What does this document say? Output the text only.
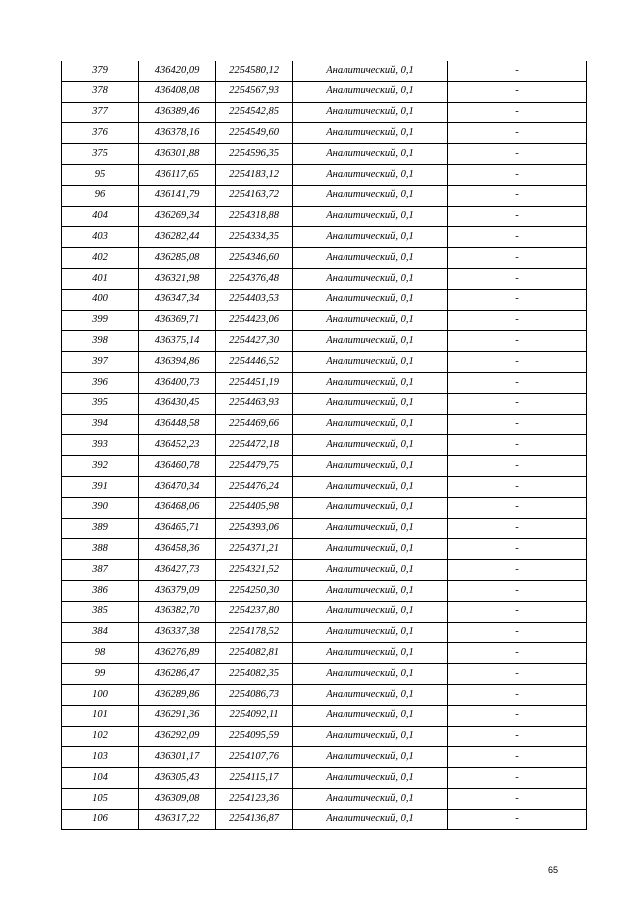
379	436420,09	2254580,12	Аналитический, 0,1	-
378	436408,08	2254567,93	Аналитический, 0,1	-
377	436389,46	2254542,85	Аналитический, 0,1	-
376	436378,16	2254549,60	Аналитический, 0,1	-
375	436301,88	2254596,35	Аналитический, 0,1	-
95	436117,65	2254183,12	Аналитический, 0,1	-
96	436141,79	2254163,72	Аналитический, 0,1	-
404	436269,34	2254318,88	Аналитический, 0,1	-
403	436282,44	2254334,35	Аналитический, 0,1	-
402	436285,08	2254346,60	Аналитический, 0,1	-
401	436321,98	2254376,48	Аналитический, 0,1	-
400	436347,34	2254403,53	Аналитический, 0,1	-
399	436369,71	2254423,06	Аналитический, 0,1	-
398	436375,14	2254427,30	Аналитический, 0,1	-
397	436394,86	2254446,52	Аналитический, 0,1	-
396	436400,73	2254451,19	Аналитический, 0,1	-
395	436430,45	2254463,93	Аналитический, 0,1	-
394	436448,58	2254469,66	Аналитический, 0,1	-
393	436452,23	2254472,18	Аналитический, 0,1	-
392	436460,78	2254479,75	Аналитический, 0,1	-
391	436470,34	2254476,24	Аналитический, 0,1	-
390	436468,06	2254405,98	Аналитический, 0,1	-
389	436465,71	2254393,06	Аналитический, 0,1	-
388	436458,36	2254371,21	Аналитический, 0,1	-
387	436427,73	2254321,52	Аналитический, 0,1	-
386	436379,09	2254250,30	Аналитический, 0,1	-
385	436382,70	2254237,80	Аналитический, 0,1	-
384	436337,38	2254178,52	Аналитический, 0,1	-
98	436276,89	2254082,81	Аналитический, 0,1	-
99	436286,47	2254082,35	Аналитический, 0,1	-
100	436289,86	2254086,73	Аналитический, 0,1	-
101	436291,36	2254092,11	Аналитический, 0,1	-
102	436292,09	2254095,59	Аналитический, 0,1	-
103	436301,17	2254107,76	Аналитический, 0,1	-
104	436305,43	2254115,17	Аналитический, 0,1	-
105	436309,08	2254123,36	Аналитический, 0,1	-
106	436317,22	2254136,87	Аналитический, 0,1	-
65
